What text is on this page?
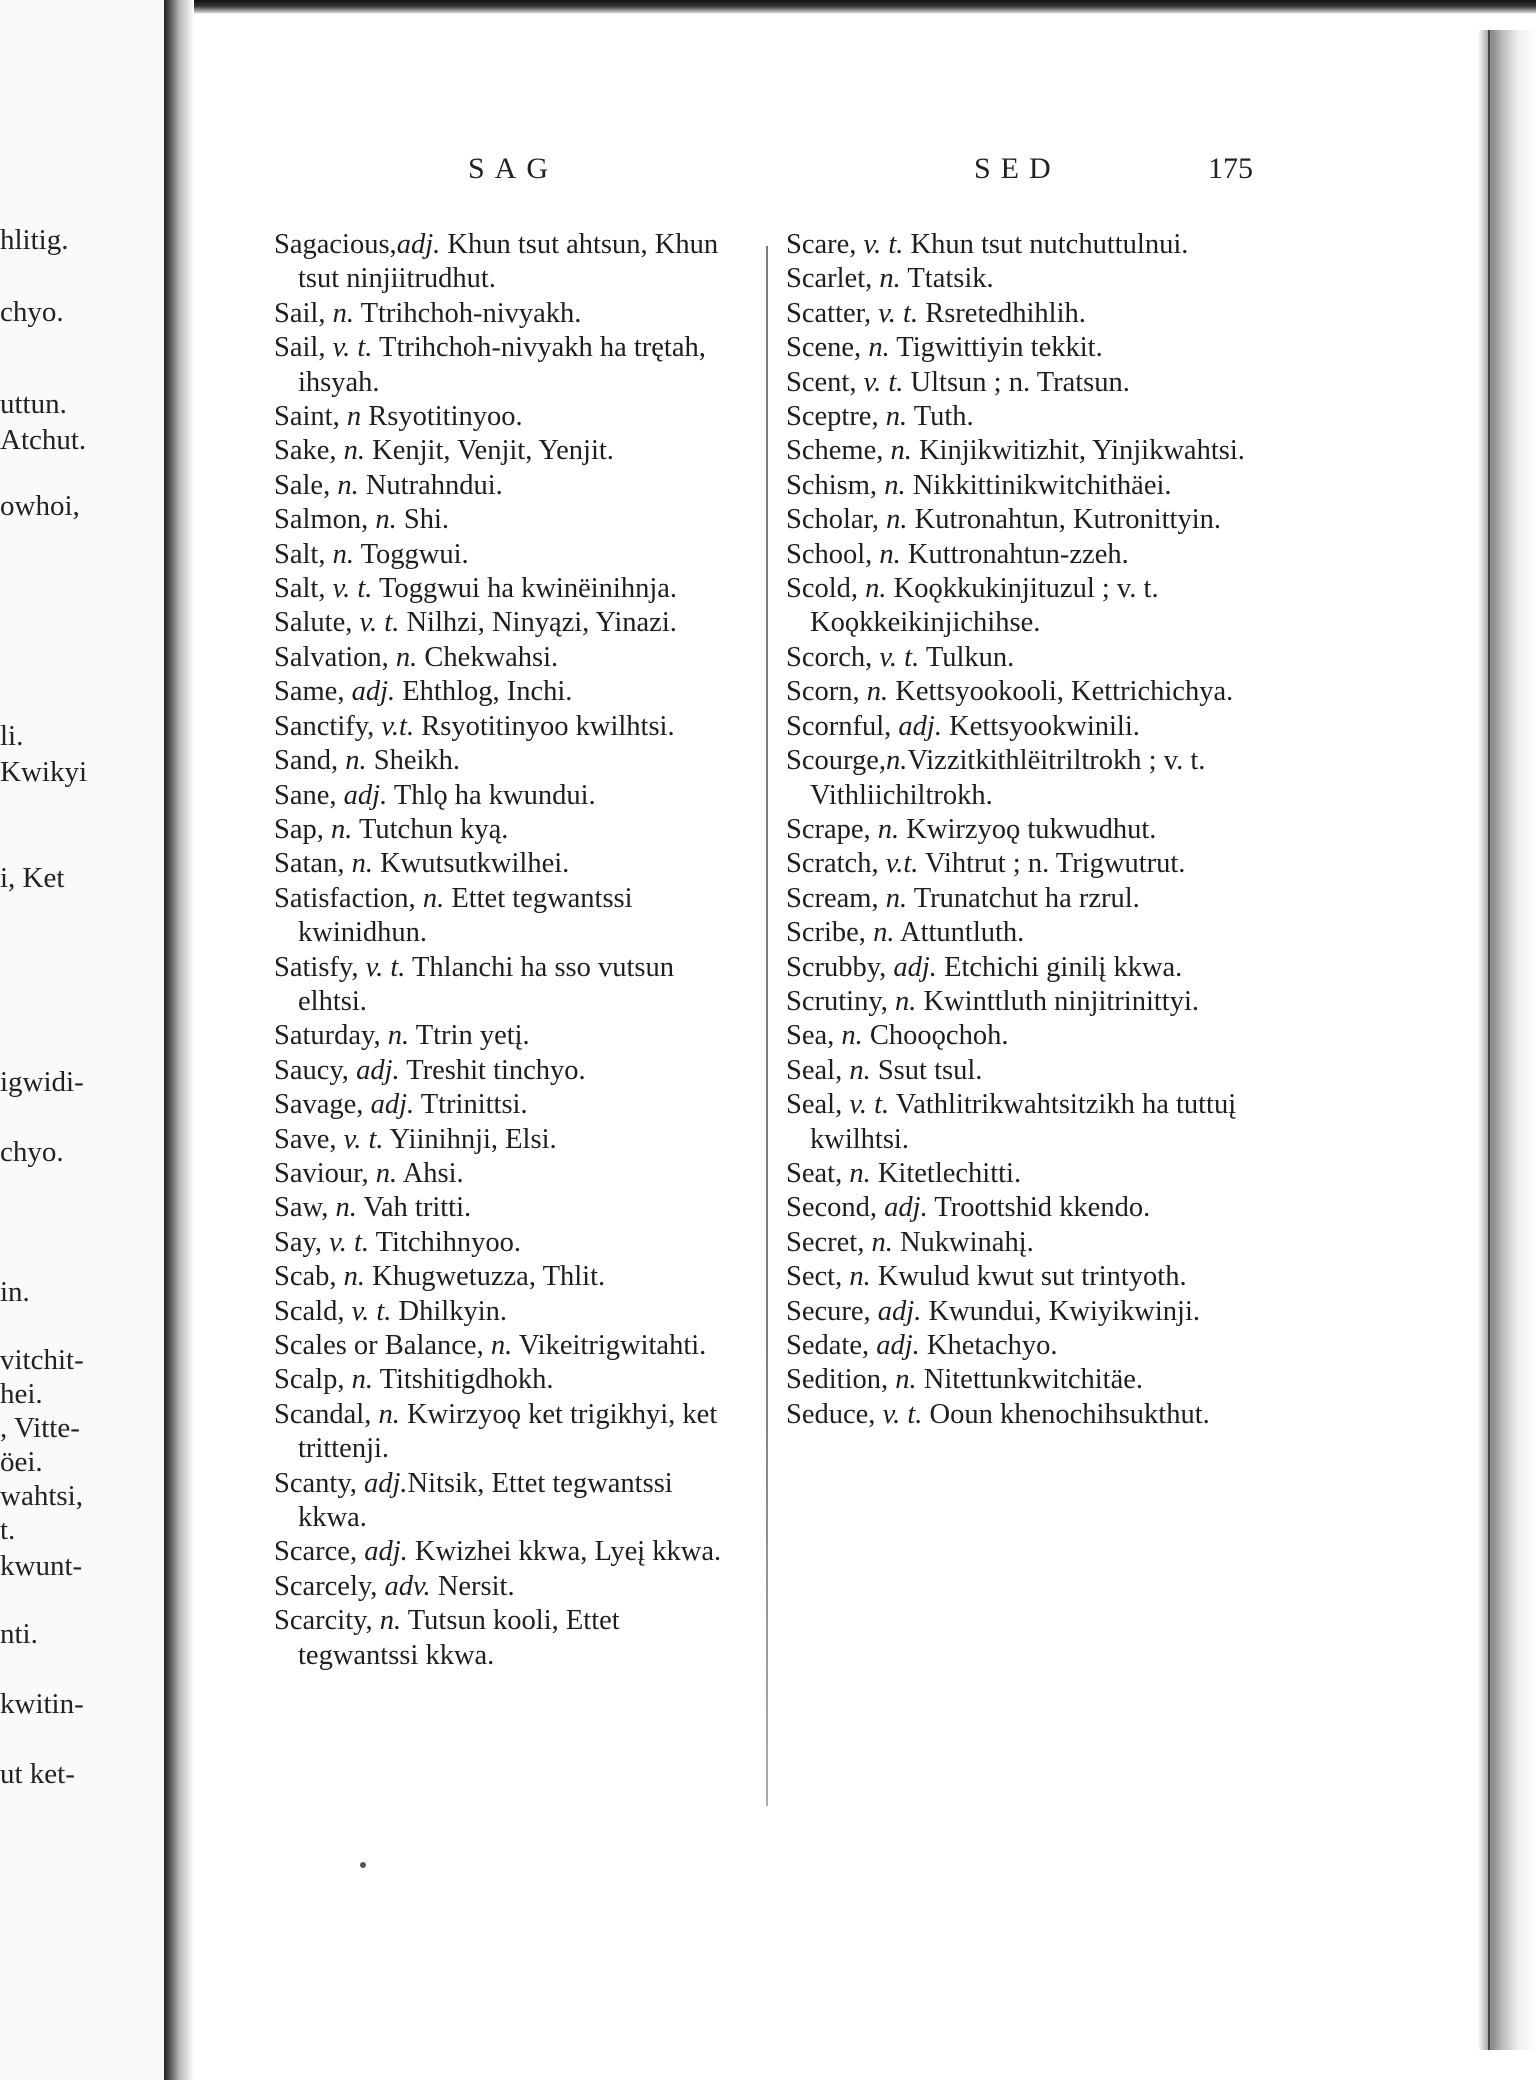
hlitig.
chyo.
uttun.
Atchut.
owhoi,
li.
Kwikyi
i, Ket
igwidi-
chyo.
in.
vitchit-
hei.
, Vitte-
öei.
wahtsi,
t.
kwunt-
nti.
kwitin-
ut ket-
SAG	SED	175

Sagacious,adj. Khun tsut ahtsun, Khun tsut ninjiitrudhut.

Sail, n. Ttrihchoh-nivyakh.

Sail, v. t. Ttrihchoh-nivyakh ha trętah, ihsyah.

Saint, n Rsyotitinyoo.

Sake, n. Kenjit, Venjit, Yenjit.

Sale, n. Nutrahndui.

Salmon, n. Shi.

Salt, n. Toggwui.

Salt, v. t. Toggwui ha kwinëinihnja.

Salute, v. t. Nilhzi, Ninyązi, Yinazi.

Salvation, n. Chekwahsi.

Same, adj. Ehthlog, Inchi.

Sanctify, v.t. Rsyotitinyoo kwilhtsi.

Sand, n. Sheikh.

Sane, adj. Thlǫ ha kwundui.

Sap, n. Tutchun kyą.

Satan, n. Kwutsutkwilhei.

Satisfaction, n. Ettet tegwantssi kwinidhun.

Satisfy, v. t. Thlanchi ha sso vutsun elhtsi.

Saturday, n. Ttrin yetį.

Saucy, adj. Treshit tinchyo.

Savage, adj. Ttrinittsi.

Save, v. t. Yiinihnji, Elsi.

Saviour, n. Ahsi.

Saw, n. Vah tritti.

Say, v. t. Titchihnyoo.

Scab, n. Khugwetuzza, Thlit.

Scald, v. t. Dhilkyin.

Scales or Balance, n. Vikeitrigwitahti.

Scalp, n. Titshitigdhokh.

Scandal, n. Kwirzyoǫ ket trigikhyi, ket trittenji.

Scanty, adj.Nitsik, Ettet tegwantssi kkwa.

Scarce, adj. Kwizhei kkwa, Lyeį kkwa.

Scarcely, adv. Nersit.

Scarcity, n. Tutsun kooli, Ettet tegwantssi kkwa.

Scare, v. t. Khun tsut nutchuttulnui.

Scarlet, n. Ttatsik.

Scatter, v. t. Rsretedhihlih.

Scene, n. Tigwittiyin tekkit.

Scent, v. t. Ultsun ; n. Tratsun.

Sceptre, n. Tuth.

Scheme, n. Kinjikwitizhit, Yinjikwahtsi.

Schism, n. Nikkittinikwitchithäei.

Scholar, n. Kutronahtun, Kutronittyin.

School, n. Kuttronahtun-zzeh.

Scold, n. Koǫkkukinjituzul ; v. t. Koǫkkeikinjichihse.

Scorch, v. t. Tulkun.

Scorn, n. Kettsyookooli, Kettrichichya.

Scornful, adj. Kettsyookwinili.

Scourge,n.Vizzitkithlëitriltrokh ; v. t. Vithliichiltrokh.

Scrape, n. Kwirzyoǫ tukwudhut.

Scratch, v.t. Vihtrut ; n. Trigwutrut.

Scream, n. Trunatchut ha rzrul.

Scribe, n. Attuntluth.

Scrubby, adj. Etchichi ginilį kkwa.

Scrutiny, n. Kwinttluth ninjitrinittyi.

Sea, n. Chooǫchoh.

Seal, n. Ssut tsul.

Seal, v. t. Vathlitrikwahtsitzikh ha tuttuį kwilhtsi.

Seat, n. Kitetlechitti.

Second, adj. Troottshid kkendo.

Secret, n. Nukwinahį.

Sect, n. Kwulud kwut sut trintyoth.

Secure, adj. Kwundui, Kwiyikwinji.

Sedate, adj. Khetachyo.

Sedition, n. Nitettunkwitchitäe.

Seduce, v. t. Ooun khenochihsukthut.
